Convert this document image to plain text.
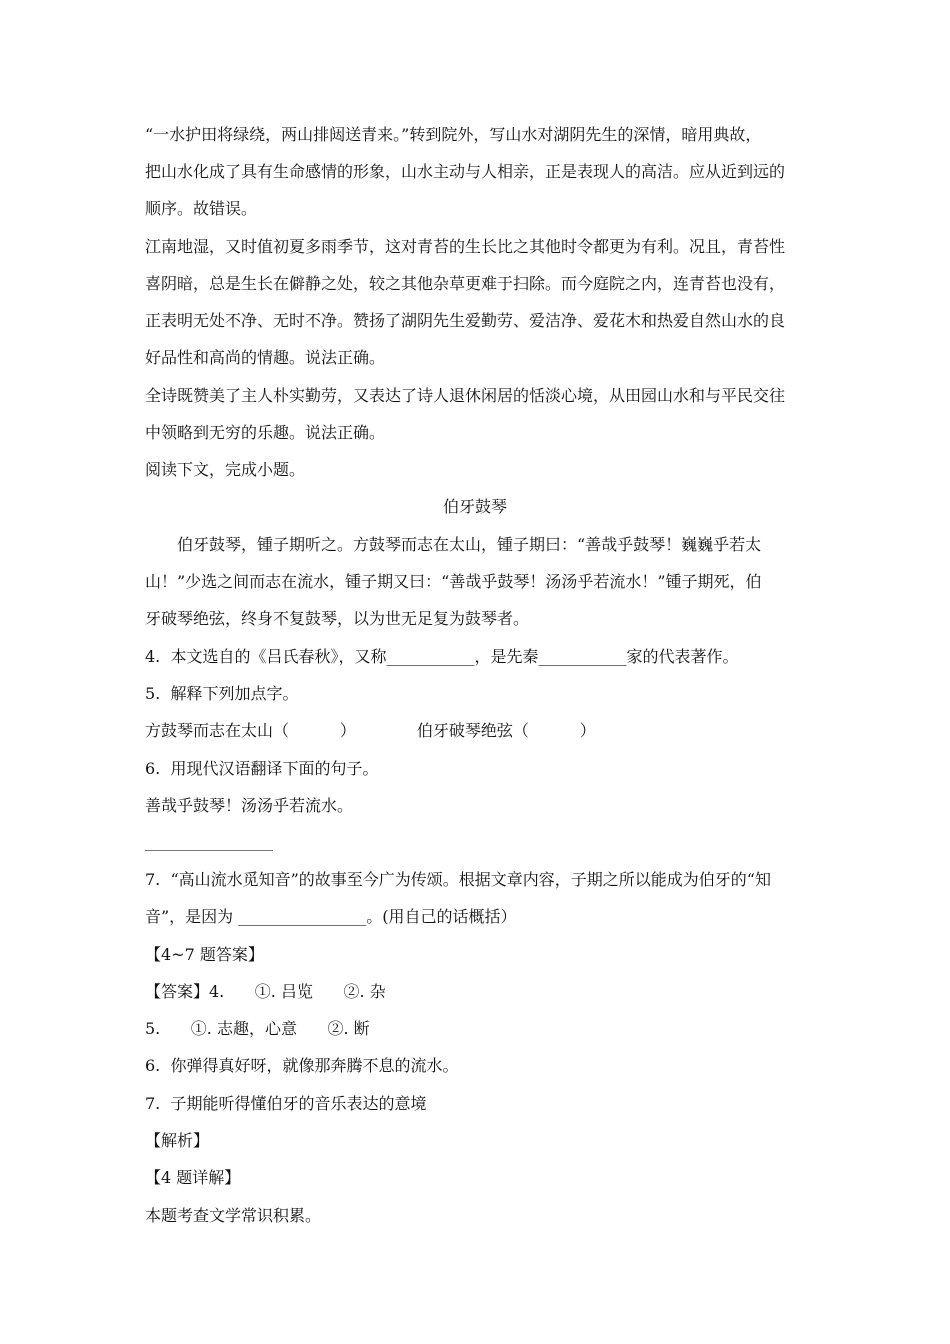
“一水护田将绿绕，两山排闼送青来。”转到院外，写山水对湖阴先生的深情，暗用典故，
把山水化成了具有生命感情的形象，山水主动与人相亲，正是表现人的高洁。应从近到远的
顺序。故错误。
江南地湿，又时值初夏多雨季节，这对青苔的生长比之其他时令都更为有利。况且，青苔性
喜阴暗，总是生长在僻静之处，较之其他杂草更难于扫除。而今庭院之内，连青苔也没有，
正表明无处不净、无时不净。赞扬了湖阴先生爱勤劳、爱洁净、爱花木和热爱自然山水的良
好品性和高尚的情趣。说法正确。
全诗既赞美了主人朴实勤劳，又表达了诗人退休闲居的恬淡心境，从田园山水和与平民交往
中领略到无穷的乐趣。说法正确。
阅读下文，完成小题。
伯牙鼓琴
　　伯牙鼓琴，锺子期听之。方鼓琴而志在太山，锺子期曰：“善哉乎鼓琴！巍巍乎若太
山！”少选之间而志在流水，锺子期又曰：“善哉乎鼓琴！汤汤乎若流水！”锺子期死，伯
牙破琴绝弦，终身不复鼓琴，以为世无足复为鼓琴者。
4.  本文选自的《吕氏春秋》，又称___________，是先秦___________家的代表著作。
5.  解释下列加点字。
方鼓琴而志在太山（          ）            伯牙破琴绝弦（          ）
6.  用现代汉语翻译下面的句子。
善哉乎鼓琴！汤汤乎若流水。
7.  “高山流水觅知音”的故事至今广为传颂。根据文章内容，子期之所以能成为伯牙的“知
音”，是因为 ________________。(用自己的话概括）
【4~7 题答案】
【答案】4.      ①. 吕览      ②. 杂
5.      ①. 志趣，心意      ②. 断
6.  你弹得真好呀，就像那奔腾不息的流水。
7.  子期能听得懂伯牙的音乐表达的意境
【解析】
【4 题详解】
本题考查文学常识积累。
